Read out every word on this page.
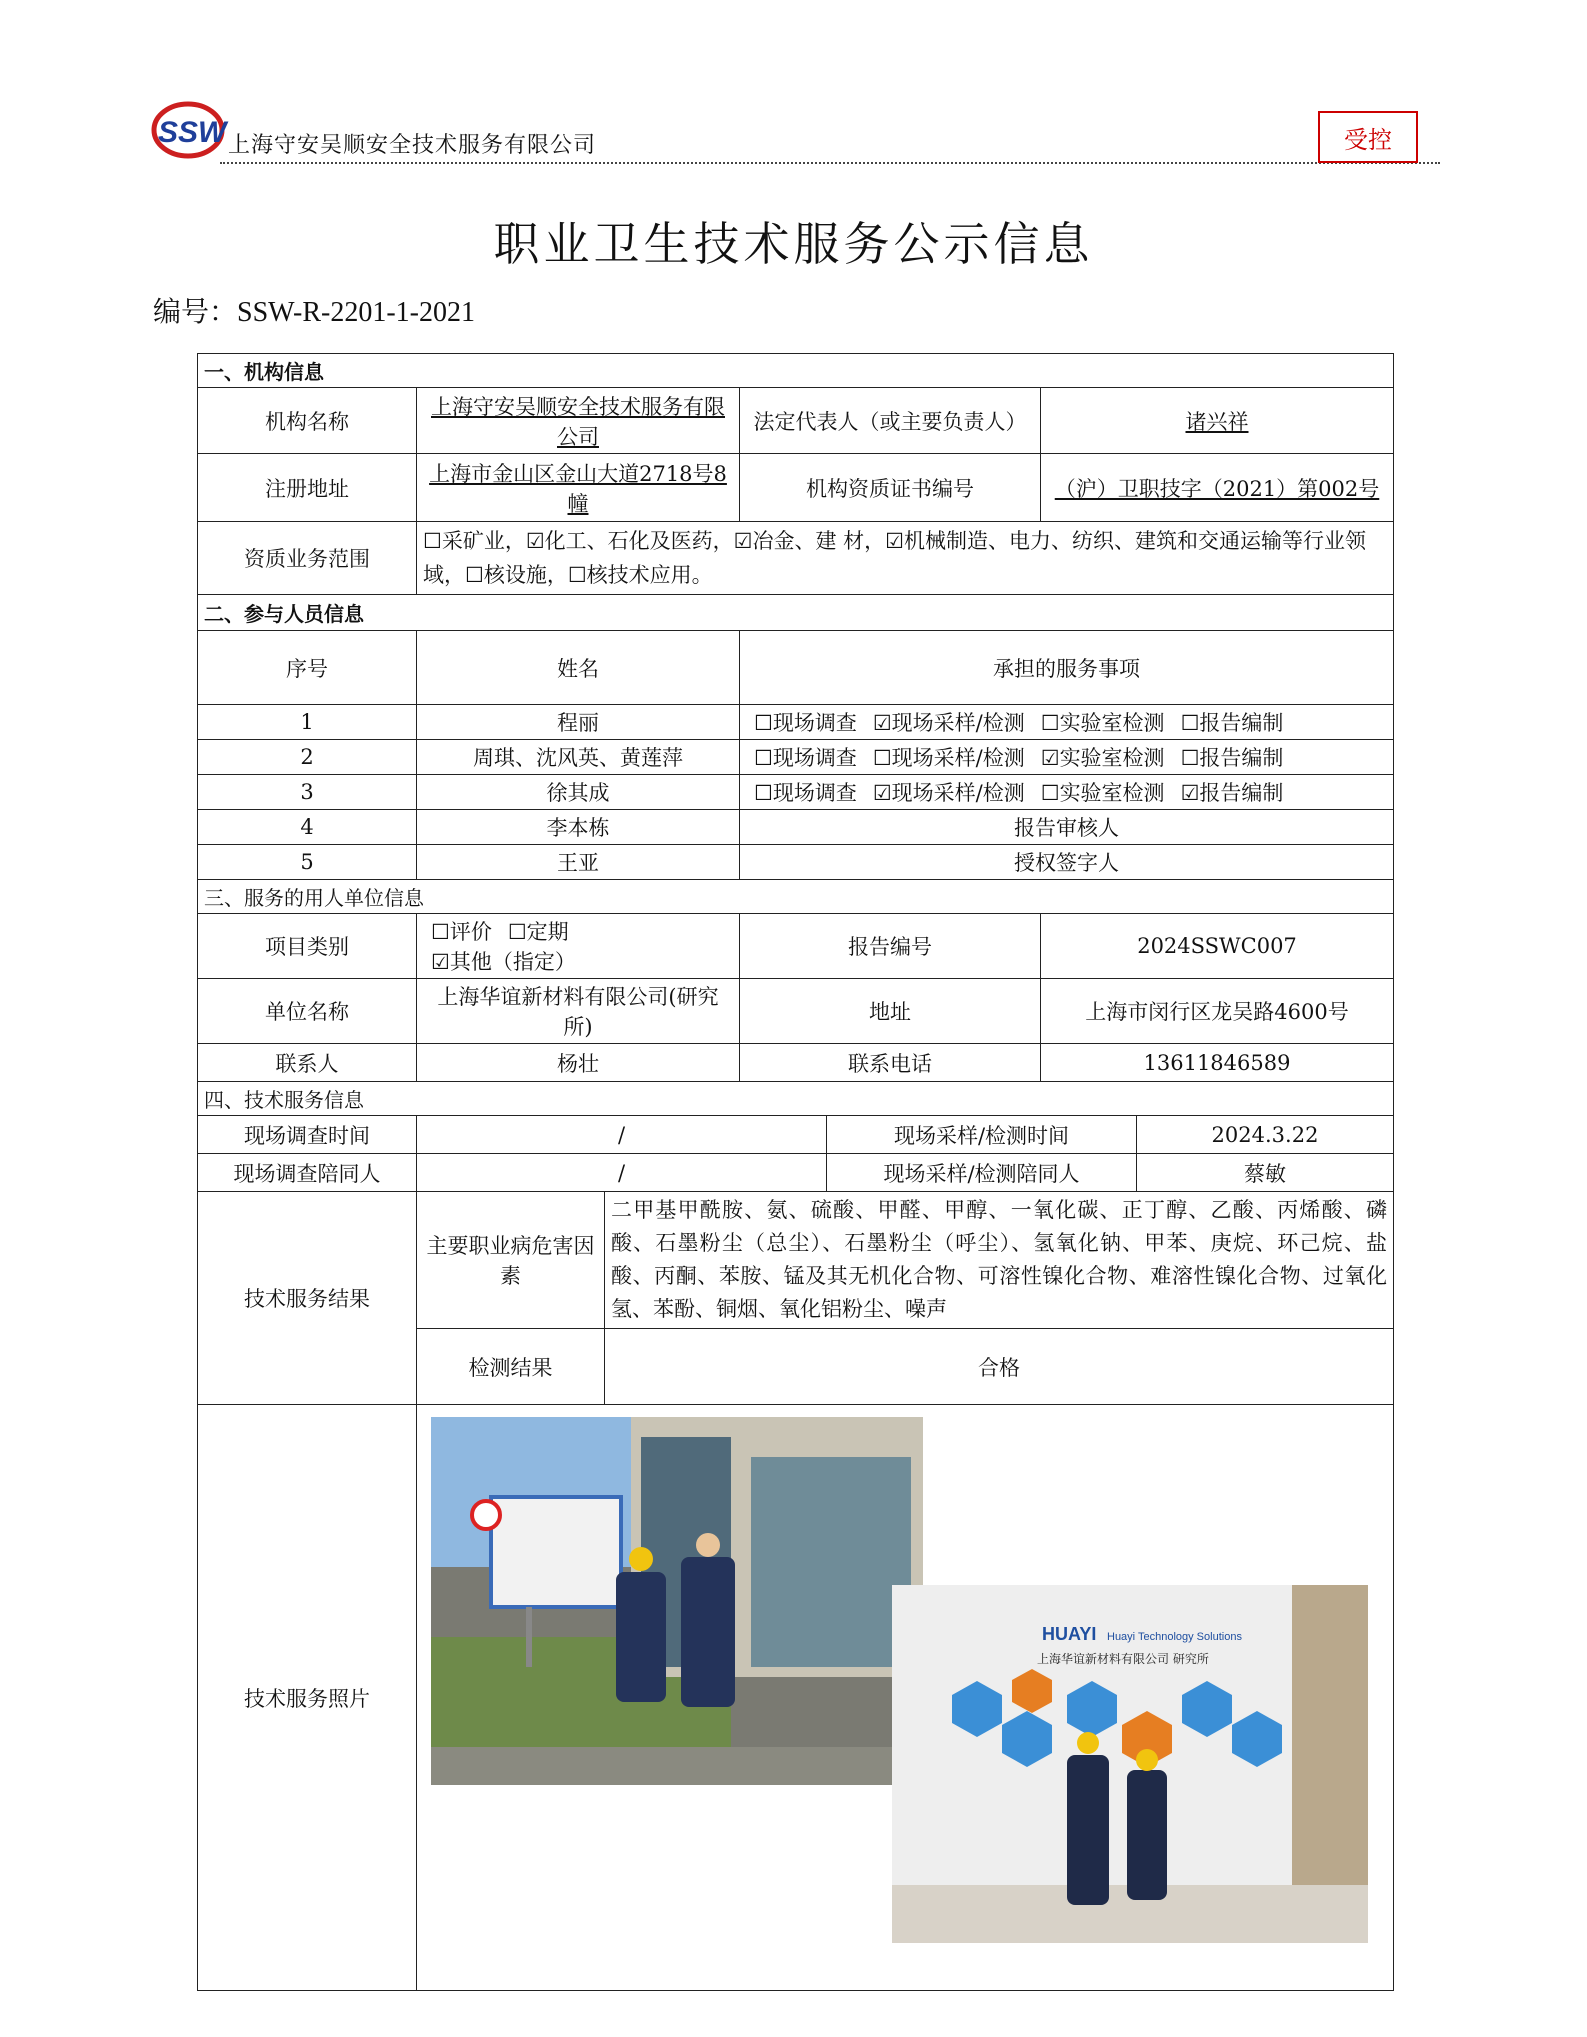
SSW 上海守安吴顺安全技术服务有限公司	受控
职业卫生技术服务公示信息
编号：SSW-R-2201-1-2021
一、机构信息						
机构名称	上海守安吴顺安全技术服务有限公司		法定代表人（或主要负责人）		诸兴祥	
注册地址	上海市金山区金山大道2718号8幢		机构资质证书编号		（沪）卫职技字（2021）第002号	
资质业务范围	☐采矿业，☑化工、石化及医药，☑冶金、建 材，☑机械制造、电力、纺织、建筑和交通运输等行业领域，☐核设施，☐核技术应用。					
二、参与人员信息						
序号	姓名		承担的服务事项			
1	程丽		☐现场调查 ☑现场采样/检测 ☐实验室检测 ☐报告编制			
2	周琪、沈风英、黄莲萍		☐现场调查 ☐现场采样/检测 ☑实验室检测 ☐报告编制			
3	徐其成		☐现场调查 ☑现场采样/检测 ☐实验室检测 ☑报告编制			
4	李本栋		报告审核人			
5	王亚		授权签字人			
三、服务的用人单位信息						
项目类别	☐评价 ☐定期☑其他（指定）		报告编号		2024SSWC007	
单位名称	上海华谊新材料有限公司(研究所)		地址		上海市闵行区龙吴路4600号	
联系人	杨壮		联系电话		13611846589	
四、技术服务信息						
现场调查时间	/			现场采样/检测时间		2024.3.22
现场调查陪同人	/			现场采样/检测陪同人		蔡敏
技术服务结果	主要职业病危害因素	二甲基甲酰胺、氨、硫酸、甲醛、甲醇、一氧化碳、正丁醇、乙酸、丙烯酸、磷酸、石墨粉尘（总尘）、石墨粉尘（呼尘）、氢氧化钠、甲苯、庚烷、环己烷、盐酸、丙酮、苯胺、锰及其无机化合物、可溶性镍化合物、难溶性镍化合物、过氧化氢、苯酚、铜烟、氧化铝粉尘、噪声				
	检测结果	合格				
技术服务照片	HUAYI Huayi Technology Solutions
上海华谊新材料有限公司 研究所					
